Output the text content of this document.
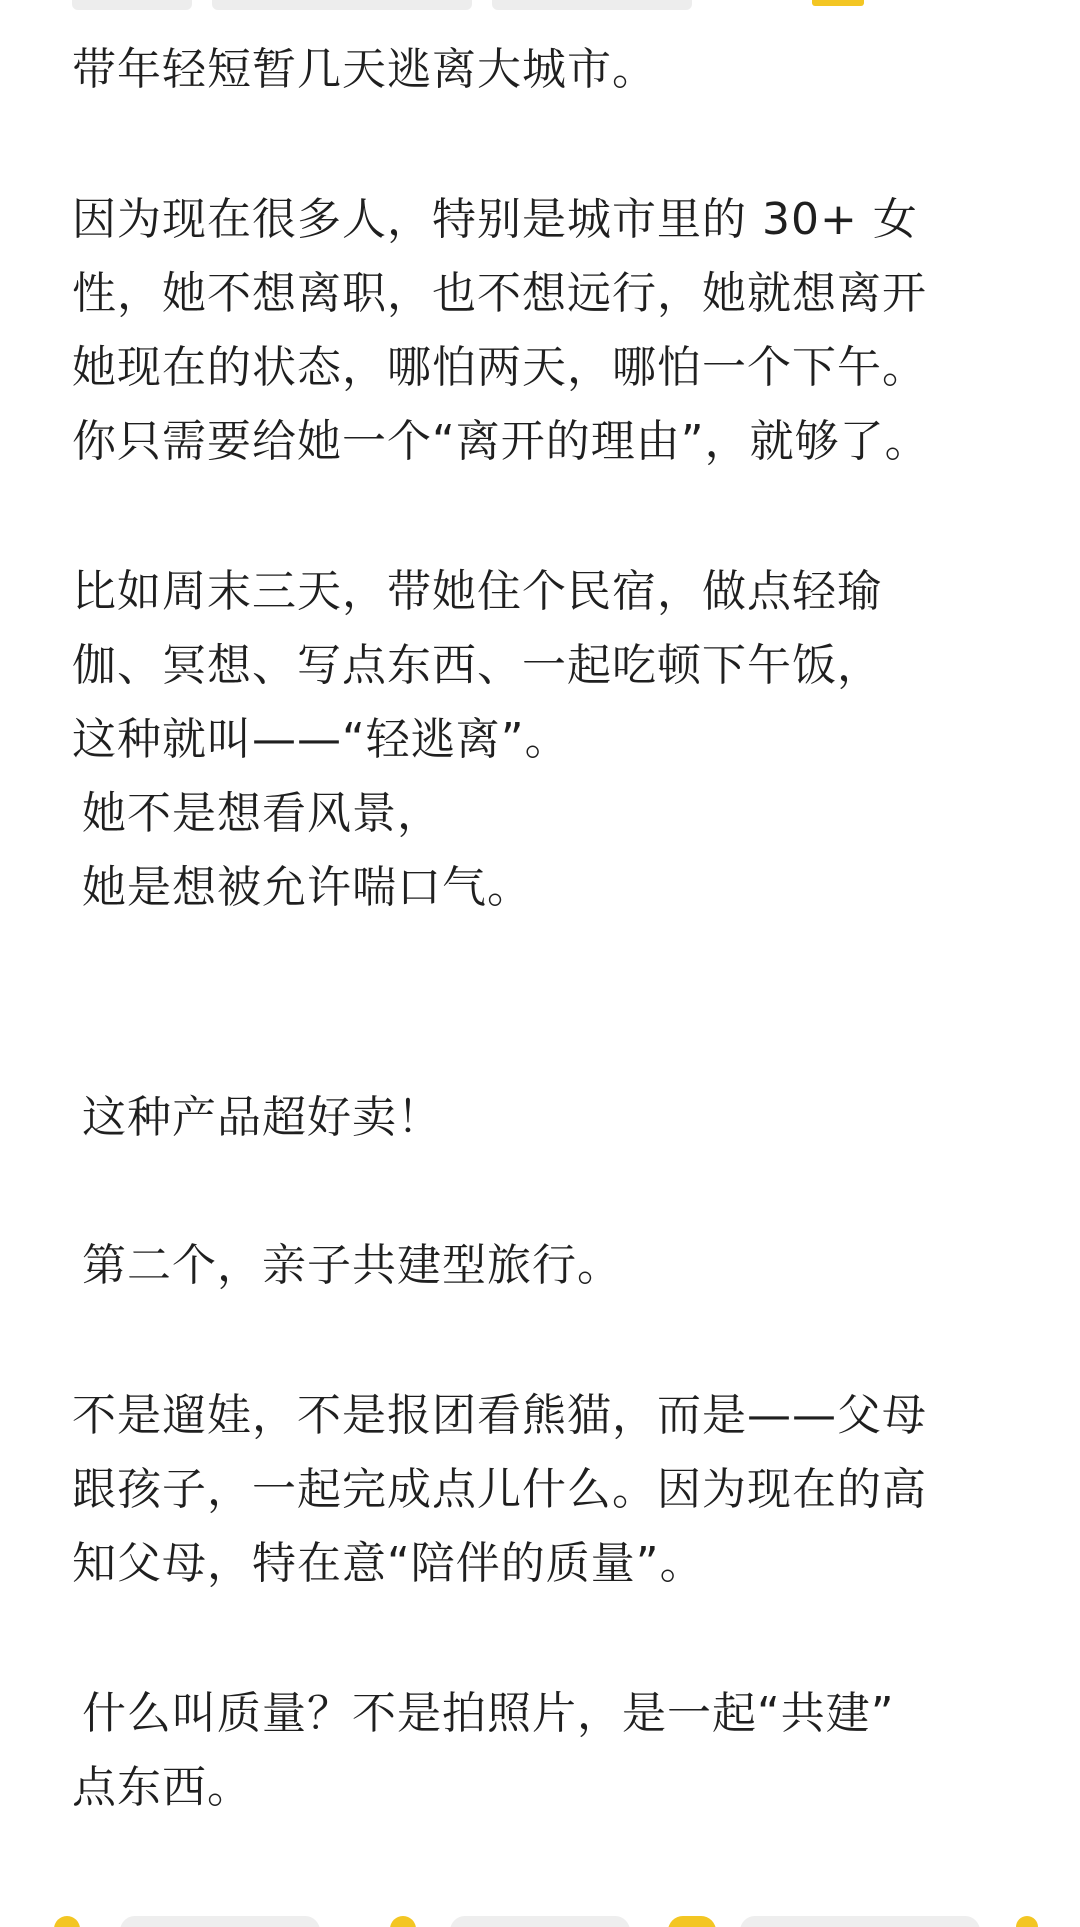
带年轻短暂几天逃离大城市。

因为现在很多人，特别是城市里的 30+ 女

性，她不想离职，也不想远行，她就想离开

她现在的状态，哪怕两天，哪怕一个下午。

你只需要给她一个“离开的理由”，就够了。

比如周末三天，带她住个民宿，做点轻瑜

伽、冥想、写点东西、一起吃顿下午饭，

这种就叫——“轻逃离”。

她不是想看风景，

她是想被允许喘口气。

这种产品超好卖！

第二个，亲子共建型旅行。

不是遛娃，不是报团看熊猫，而是——父母

跟孩子，一起完成点儿什么。因为现在的高

知父母，特在意“陪伴的质量”。

什么叫质量？不是拍照片，是一起“共建”

点东西。
